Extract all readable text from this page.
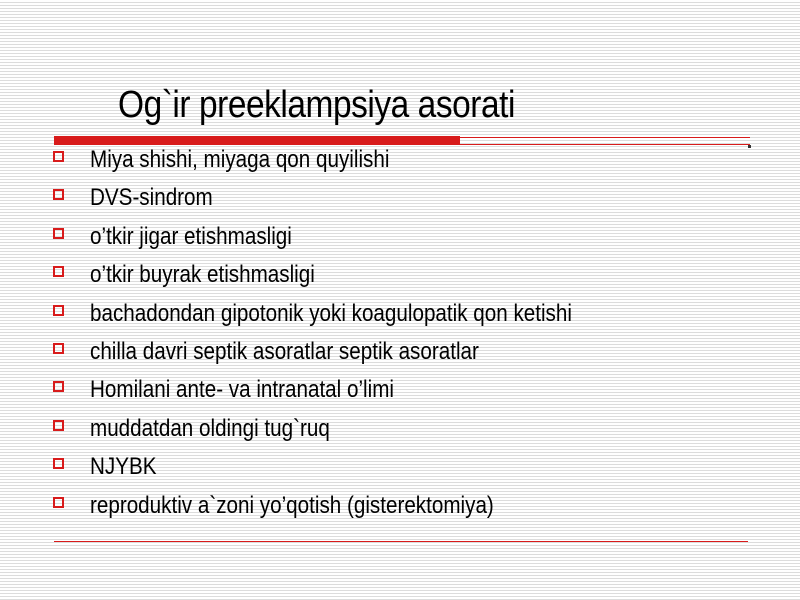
Og`ir preeklampsiya asorati
Miya shishi, miyaga qon quyilishi
DVS-sindrom
o’tkir jigar etishmasligi
o’tkir buyrak etishmasligi
bachadondan gipotonik yoki koagulopatik qon ketishi
chilla davri septik asoratlar septik asoratlar
Homilani ante- va intranatal o’limi
muddatdan oldingi tug`ruq
NJYBK
reproduktiv a`zoni yo’qotish (gisterektomiya)
